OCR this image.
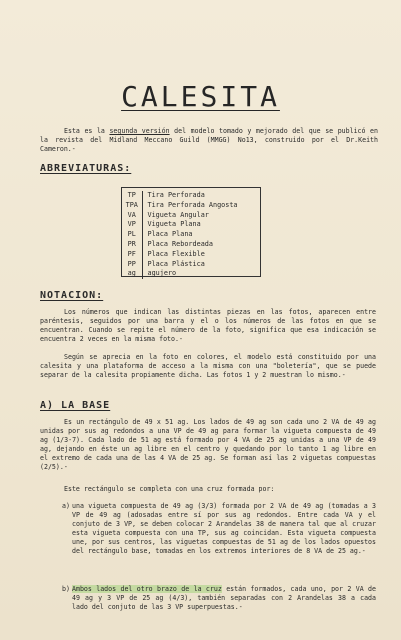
CALESITA
Esta es la segunda versión del modelo tomado y mejorado del que se publicó en la revista del Midland Meccano Guild (MMGG) No13, construido por el Dr.Keith Cameron.-
ABREVIATURAS:
TP	Tira Perforada
TPA	Tira Perforada Angosta
VA	Vigueta Angular
VP	Vigueta Plana
PL	Placa Plana
PR	Placa Rebordeada
PF	Placa Flexible
PP	Placa Plástica
ag	agujero
NOTACION:
Los números que indican las distintas piezas en las fotos, aparecen entre paréntesis, seguidos por una barra y el o los números de las fotos en que se encuentran. Cuando se repite el número de la foto, significa que esa indicación se encuentra 2 veces en la misma foto.-
Según se aprecia en la foto en colores, el modelo está constituido por una calesita y una plataforma de acceso a la misma con una "boletería", que se puede separar de la calesita propiamente dicha. Las fotos 1 y 2 muestran lo mismo.-
A) LA BASE
Es un rectángulo de 49 x 51 ag. Los lados de 49 ag son cada uno 2 VA de 49 ag unidas por sus ag redondos a una VP de 49 ag para formar la vigueta compuesta de 49 ag (1/3-7). Cada lado de 51 ag está formado por 4 VA de 25 ag unidas a una VP de 49 ag, dejando en éste un ag libre en el centro y quedando por lo tanto 1 ag libre en el extremo de cada una de las 4 VA de 25 ag. Se forman así las 2 viguetas compuestas (2/5).-
Este rectángulo se completa con una cruz formada por:
a) una vigueta compuesta de 49 ag (3/3) formada por 2 VA de 49 ag (tomadas a 3 VP de 49 ag (adosadas entre sí por sus ag redondos. Entre cada VA y el conjuto de 3 VP, se deben colocar 2 Arandelas 38 de manera tal que al cruzar esta vigueta compuesta con una TP, sus ag coincidan. Esta vigueta compuesta une, por sus centros, las viguetas compuestas de 51 ag de los lados opuestos del rectángulo base, tomadas en los extremos interiores de 8 VA de 25 ag.-
b) Ambos lados del otro brazo de la cruz están formados, cada uno, por 2 VA de 49 ag y 3 VP de 25 ag (4/3), también separadas con 2 Arandelas 38 a cada lado del conjuto de las 3 VP superpuestas.-
